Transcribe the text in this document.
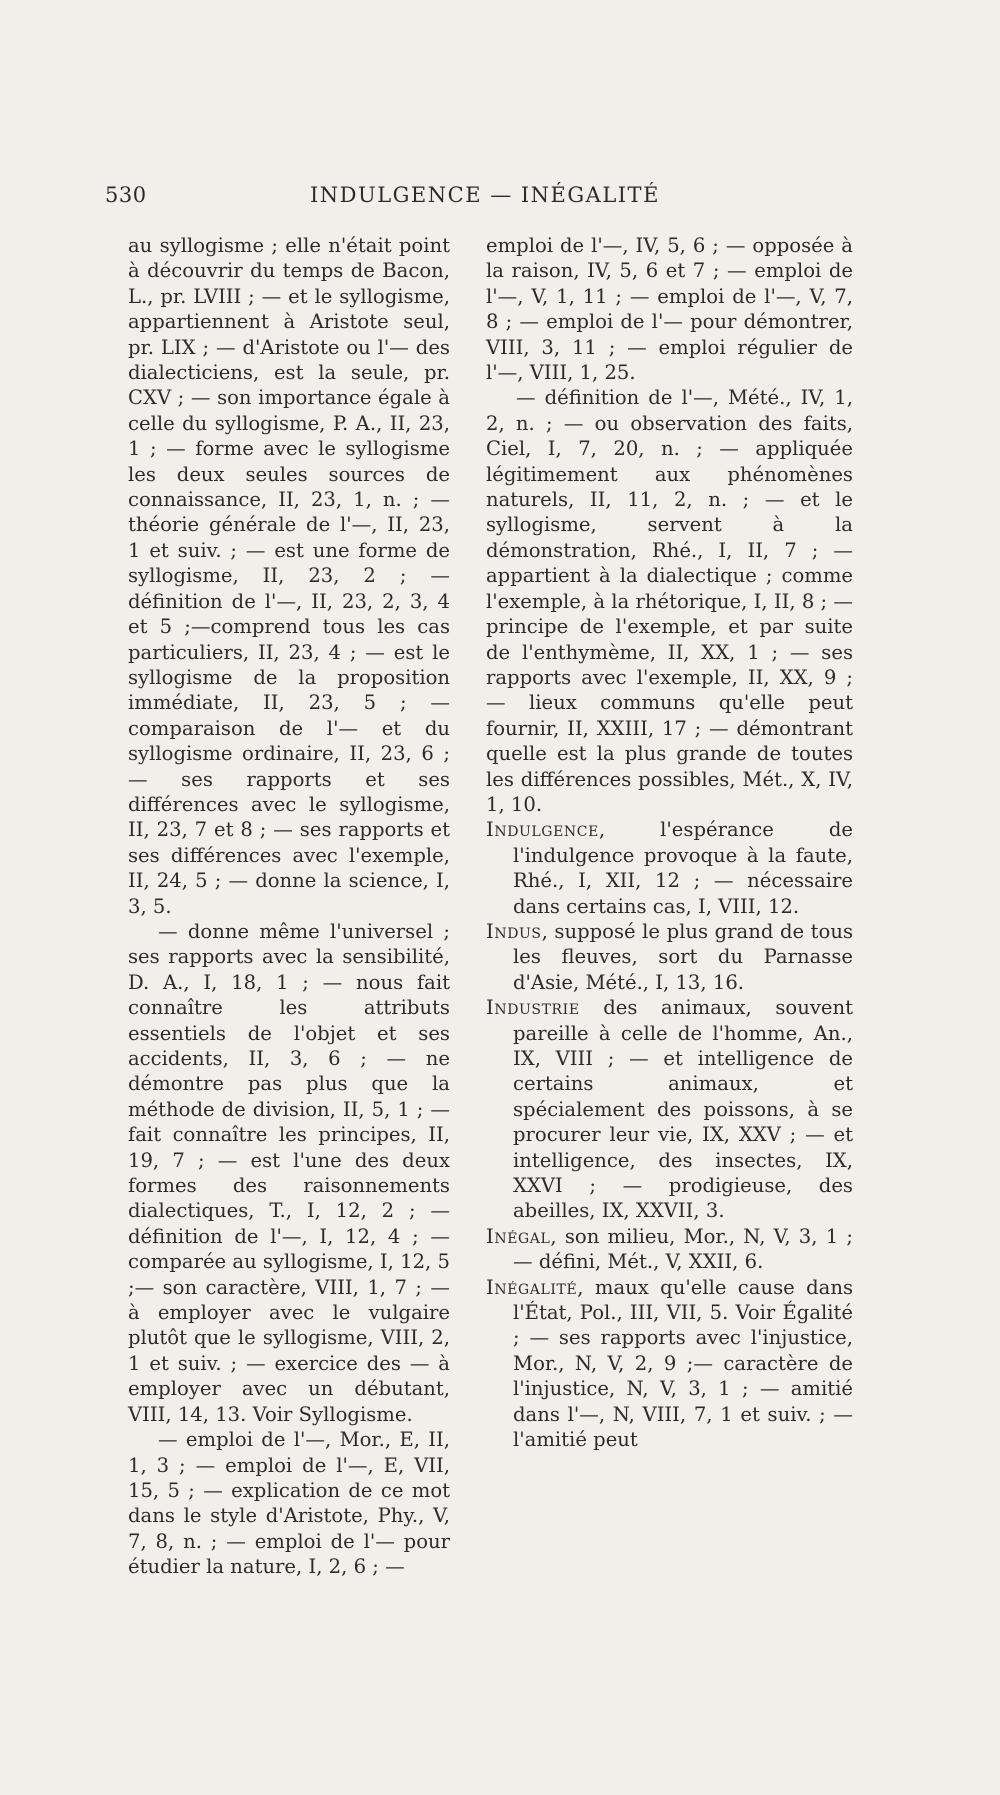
530	INDULGENCE — INÉGALITÉ

au syllogisme ; elle n'était point à découvrir du temps de Bacon, L., pr. LVIII ; — et le syllogisme, appartiennent à Aristote seul, pr. LIX ; — d'Aristote ou l'— des dialecticiens, est la seule, pr. CXV ; — son importance égale à celle du syllogisme, P. A., II, 23, 1 ; — forme avec le syllogisme les deux seules sources de connaissance, II, 23, 1, n. ; — théorie générale de l'—, II, 23, 1 et suiv. ; — est une forme de syllogisme, II, 23, 2 ; — définition de l'—, II, 23, 2, 3, 4 et 5 ;—comprend tous les cas particuliers, II, 23, 4 ; — est le syllogisme de la proposition immédiate, II, 23, 5 ; — comparaison de l'— et du syllogisme ordinaire, II, 23, 6 ; — ses rapports et ses différences avec le syllogisme, II, 23, 7 et 8 ; — ses rapports et ses différences avec l'exemple, II, 24, 5 ; — donne la science, I, 3, 5.

— donne même l'universel ; ses rapports avec la sensibilité, D. A., I, 18, 1 ; — nous fait connaître les attributs essentiels de l'objet et ses accidents, II, 3, 6 ; — ne démontre pas plus que la méthode de division, II, 5, 1 ; — fait connaître les principes, II, 19, 7 ; — est l'une des deux formes des raisonnements dialectiques, T., I, 12, 2 ; — définition de l'—, I, 12, 4 ; — comparée au syllogisme, I, 12, 5 ;— son caractère, VIII, 1, 7 ; — à employer avec le vulgaire plutôt que le syllogisme, VIII, 2, 1 et suiv. ; — exercice des — à employer avec un débutant, VIII, 14, 13. Voir Syllogisme.

— emploi de l'—, Mor., E, II, 1, 3 ; — emploi de l'—, E, VII, 15, 5 ; — explication de ce mot dans le style d'Aristote, Phy., V, 7, 8, n. ; — emploi de l'— pour étudier la nature, I, 2, 6 ; —

emploi de l'—, IV, 5, 6 ; — opposée à la raison, IV, 5, 6 et 7 ; — emploi de l'—, V, 1, 11 ; — emploi de l'—, V, 7, 8 ; — emploi de l'— pour démontrer, VIII, 3, 11 ; — emploi régulier de l'—, VIII, 1, 25.

— définition de l'—, Mété., IV, 1, 2, n. ; — ou observation des faits, Ciel, I, 7, 20, n. ; — appliquée légitimement aux phénomènes naturels, II, 11, 2, n. ; — et le syllogisme, servent à la démonstration, Rhé., I, II, 7 ; — appartient à la dialectique ; comme l'exemple, à la rhétorique, I, II, 8 ; — principe de l'exemple, et par suite de l'enthymème, II, XX, 1 ; — ses rapports avec l'exemple, II, XX, 9 ; — lieux communs qu'elle peut fournir, II, XXIII, 17 ; — démontrant quelle est la plus grande de toutes les différences possibles, Mét., X, IV, 1, 10.

Indulgence, l'espérance de l'indulgence provoque à la faute, Rhé., I, XII, 12 ; — nécessaire dans certains cas, I, VIII, 12.

Indus, supposé le plus grand de tous les fleuves, sort du Parnasse d'Asie, Mété., I, 13, 16.

Industrie des animaux, souvent pareille à celle de l'homme, An., IX, VIII ; — et intelligence de certains animaux, et spécialement des poissons, à se procurer leur vie, IX, XXV ; — et intelligence, des insectes, IX, XXVI ; — prodigieuse, des abeilles, IX, XXVII, 3.

Inégal, son milieu, Mor., N, V, 3, 1 ; — défini, Mét., V, XXII, 6.

Inégalité, maux qu'elle cause dans l'État, Pol., III, VII, 5. Voir Égalité ; — ses rapports avec l'injustice, Mor., N, V, 2, 9 ;— caractère de l'injustice, N, V, 3, 1 ; — amitié dans l'—, N, VIII, 7, 1 et suiv. ; — l'amitié peut
